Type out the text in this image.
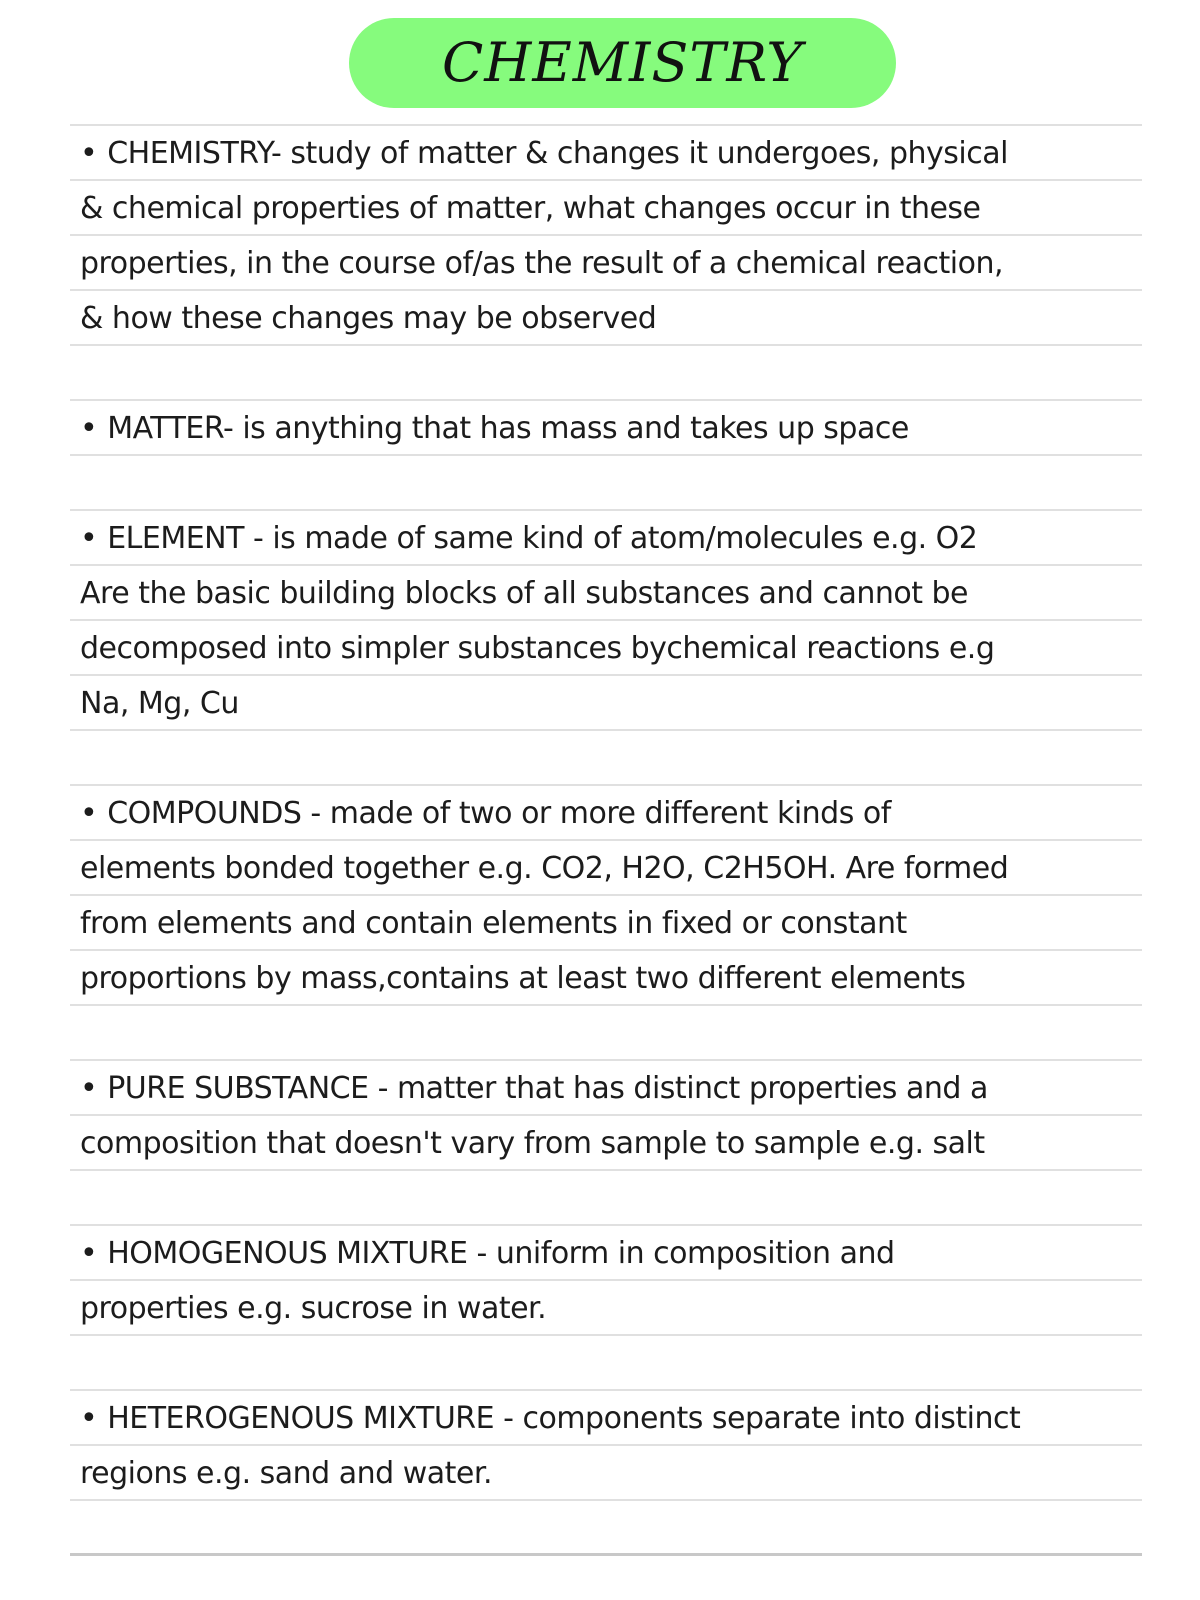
CHEMISTRY
• CHEMISTRY- study of matter & changes it undergoes, physical
& chemical properties of matter, what changes occur in these
properties, in the course of/as the result of a chemical reaction,
& how these changes may be observed
• MATTER- is anything that has mass and takes up space
• ELEMENT - is made of same kind of atom/molecules e.g. O2
Are the basic building blocks of all substances and cannot be
decomposed into simpler substances bychemical reactions e.g
Na, Mg, Cu
• COMPOUNDS - made of two or more different kinds of
elements bonded together e.g. CO2, H2O, C2H5OH. Are formed
from elements and contain elements in fixed or constant
proportions by mass,contains at least two different elements
• PURE SUBSTANCE - matter that has distinct properties and a
composition that doesn't vary from sample to sample e.g. salt
• HOMOGENOUS MIXTURE - uniform in composition and
properties e.g. sucrose in water.
• HETEROGENOUS MIXTURE - components separate into distinct
regions e.g. sand and water.
